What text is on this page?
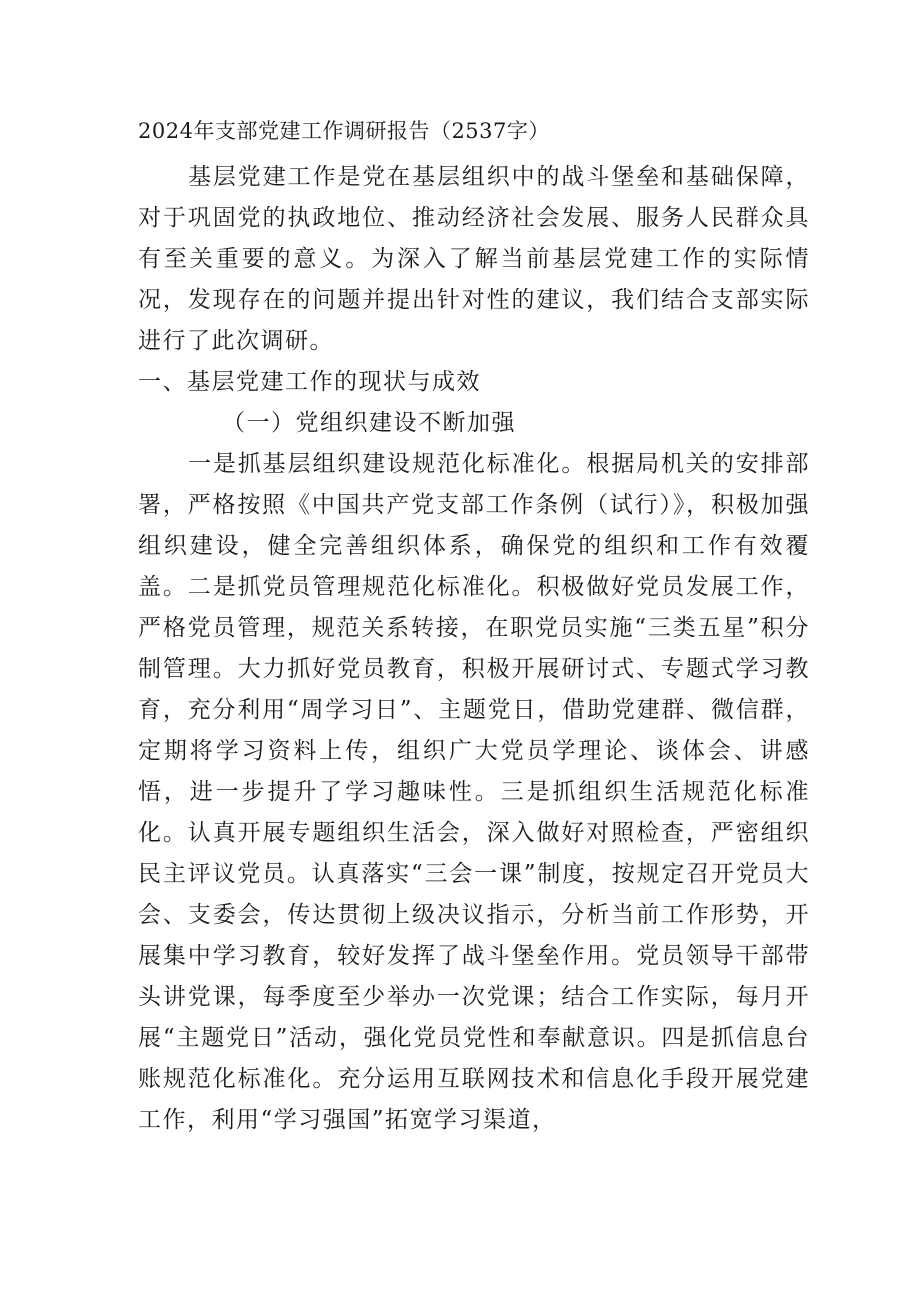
2024年支部党建工作调研报告（2537字）

基层党建工作是党在基层组织中的战斗堡垒和基础保障，对于巩固党的执政地位、推动经济社会发展、服务人民群众具有至关重要的意义。为深入了解当前基层党建工作的实际情况，发现存在的问题并提出针对性的建议，我们结合支部实际进行了此次调研。

一、基层党建工作的现状与成效

（一）党组织建设不断加强

一是抓基层组织建设规范化标准化。根据局机关的安排部署，严格按照《中国共产党支部工作条例（试行）》，积极加强组织建设，健全完善组织体系，确保党的组织和工作有效覆盖。二是抓党员管理规范化标准化。积极做好党员发展工作，严格党员管理，规范关系转接，在职党员实施“三类五星”积分制管理。大力抓好党员教育，积极开展研讨式、专题式学习教育，充分利用“周学习日”、主题党日，借助党建群、微信群，定期将学习资料上传，组织广大党员学理论、谈体会、讲感悟，进一步提升了学习趣味性。三是抓组织生活规范化标准化。认真开展专题组织生活会，深入做好对照检查，严密组织民主评议党员。认真落实“三会一课”制度，按规定召开党员大会、支委会，传达贯彻上级决议指示，分析当前工作形势，开展集中学习教育，较好发挥了战斗堡垒作用。党员领导干部带头讲党课，每季度至少举办一次党课；结合工作实际，每月开展“主题党日”活动，强化党员党性和奉献意识。四是抓信息台账规范化标准化。充分运用互联网技术和信息化手段开展党建工作，利用“学习强国”拓宽学习渠道，
